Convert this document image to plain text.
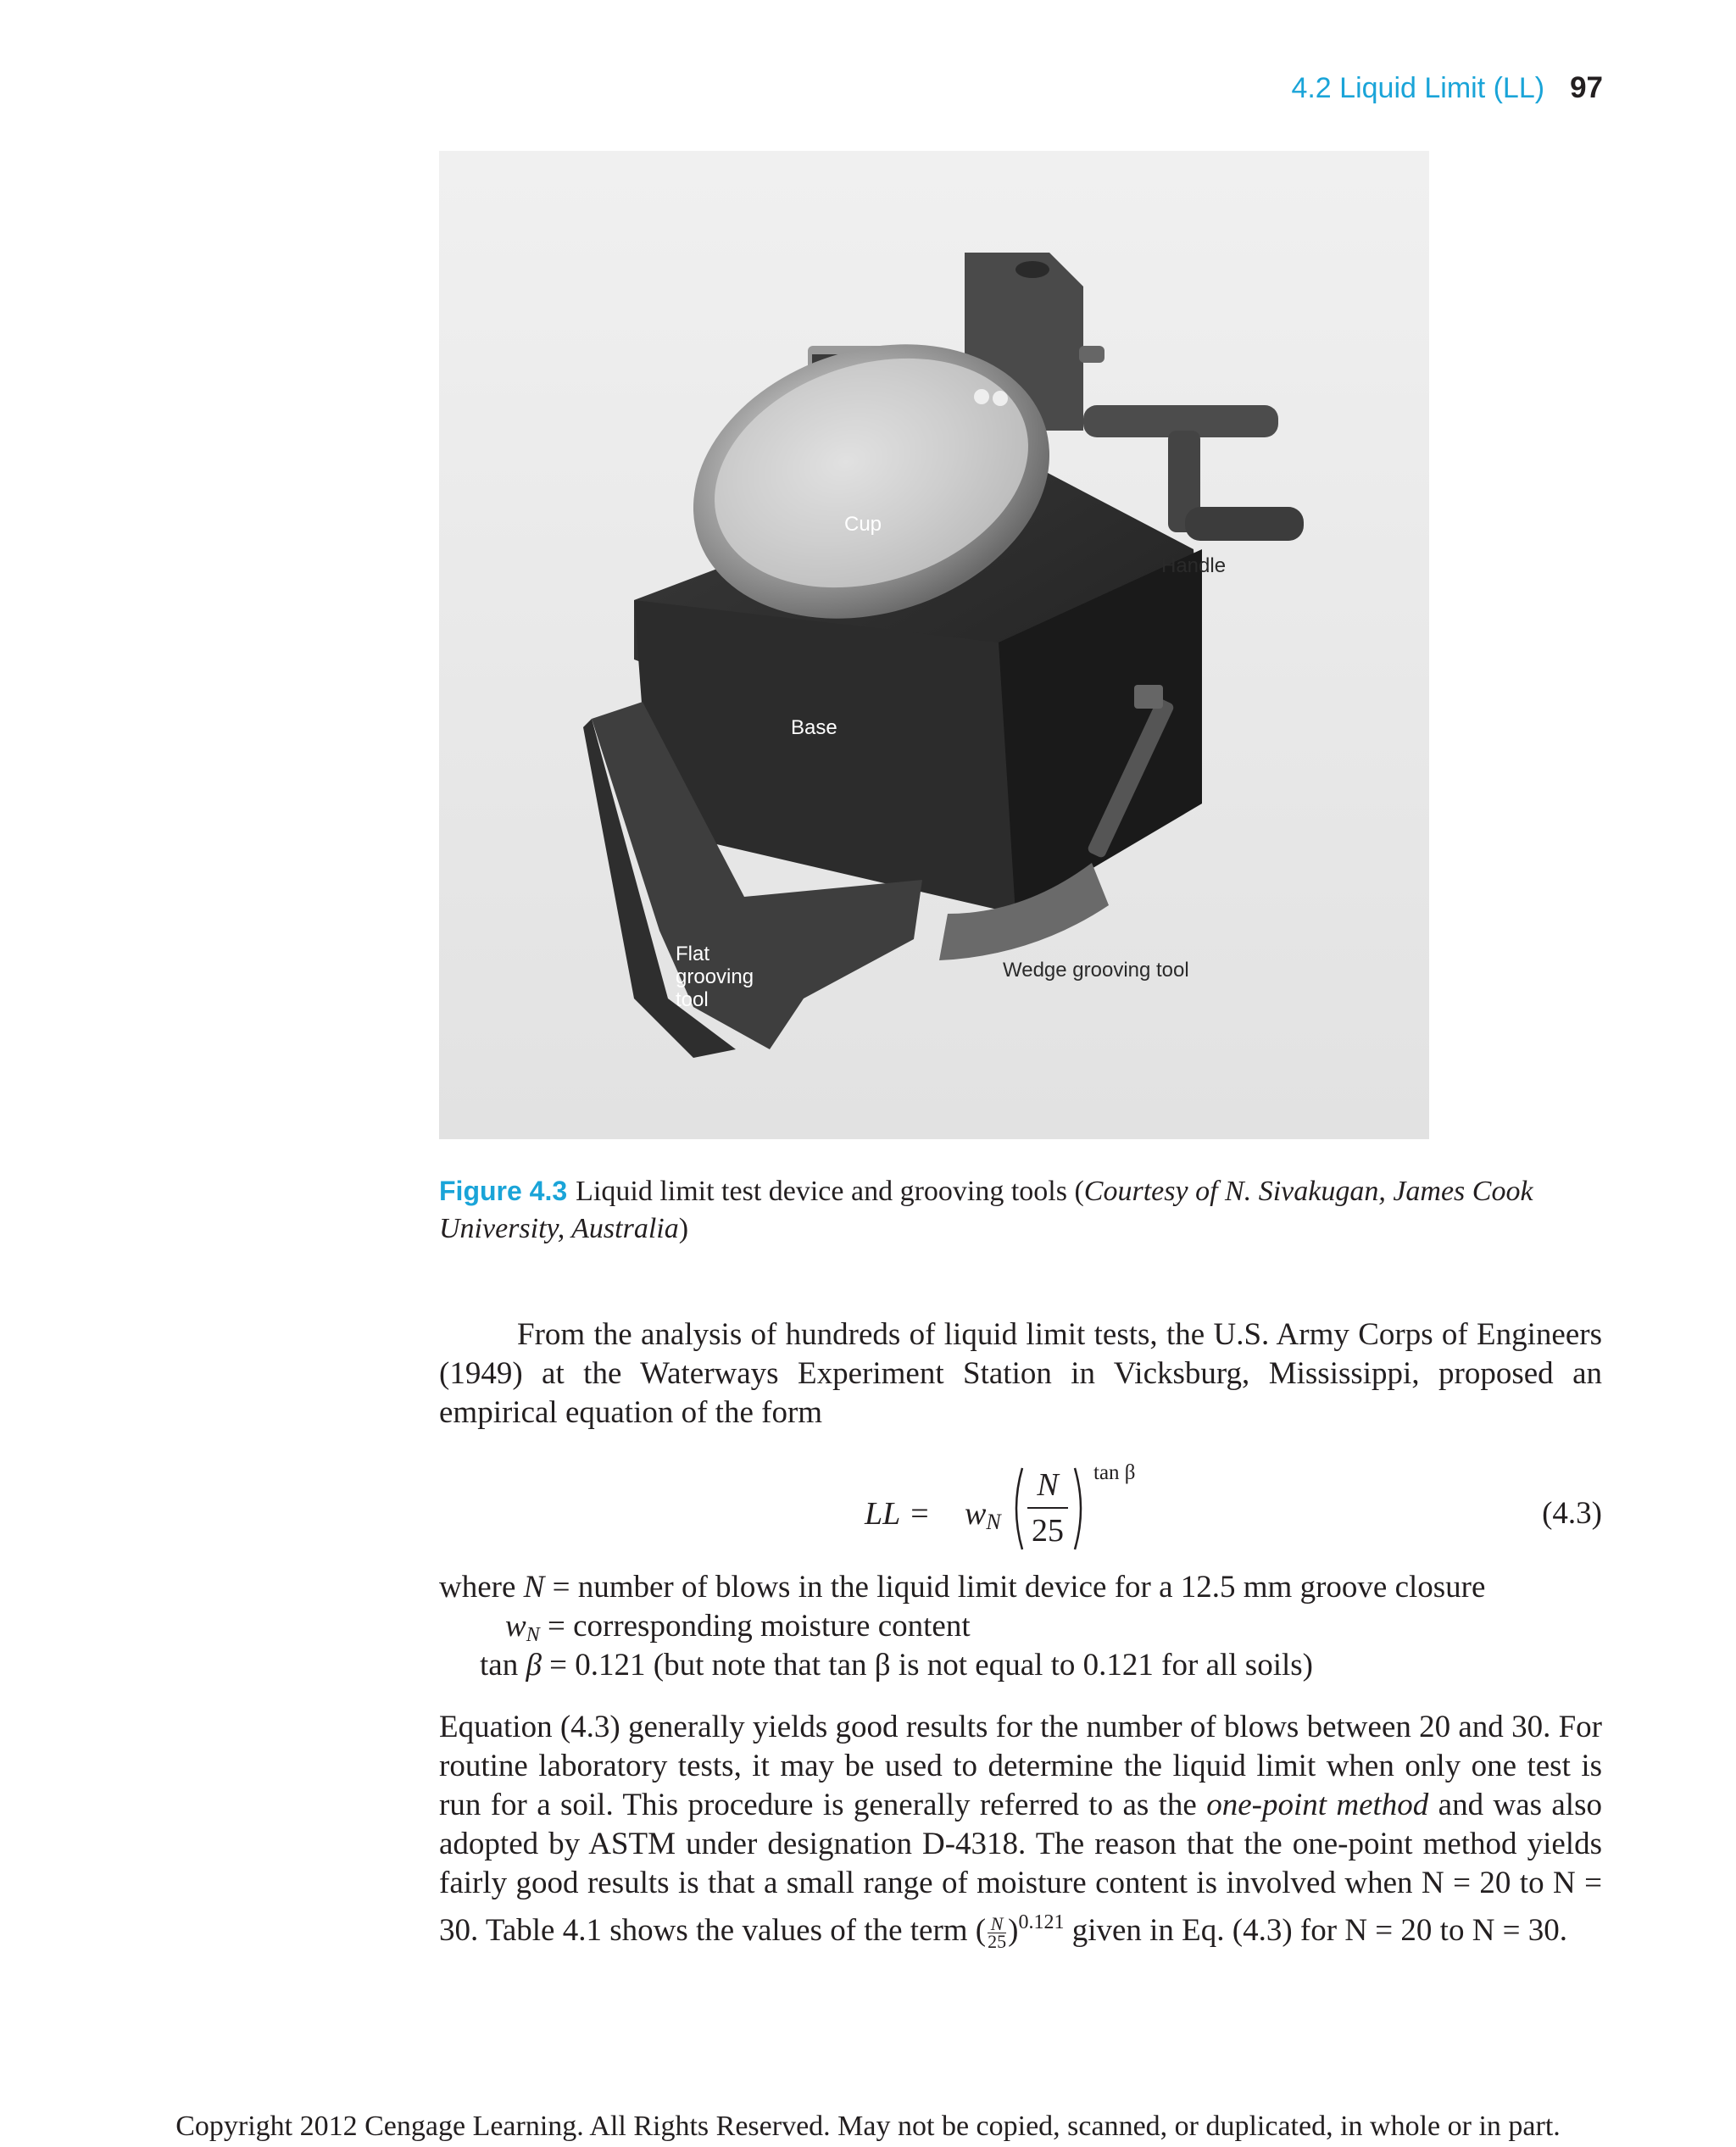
4.2 Liquid Limit (LL) 97
Cup
Handle
Base
Flat
grooving
tool
Wedge grooving tool
Figure 4.3 Liquid limit test device and grooving tools (Courtesy of N. Sivakugan, James Cook University, Australia)

From the analysis of hundreds of liquid limit tests, the U.S. Army Corps of Engineers (1949) at the Waterways Experiment Station in Vicksburg, Mississippi, proposed an empirical equation of the form

LL =	$w_N$
N
25
tan β
(4.3)
where N = number of blows in the liquid limit device for a 12.5 mm groove closure
wN = corresponding moisture content
tan β = 0.121 (but note that tan β is not equal to 0.121 for all soils)

Equation (4.3) generally yields good results for the number of blows between 20 and 30. For routine laboratory tests, it may be used to determine the liquid limit when only one test is run for a soil. This procedure is generally referred to as the one-point method and was also adopted by ASTM under designation D-4318. The reason that the one-point method yields fairly good results is that a small range of moisture content is involved when N = 20 to N = 30. Table 4.1 shows the values of the term ( $\frac{N}{25} )^{0.121}$ given in Eq. (4.3) for N = 20 to N = 30.

Copyright 2012 Cengage Learning. All Rights Reserved. May not be copied, scanned, or duplicated, in whole or in part.
